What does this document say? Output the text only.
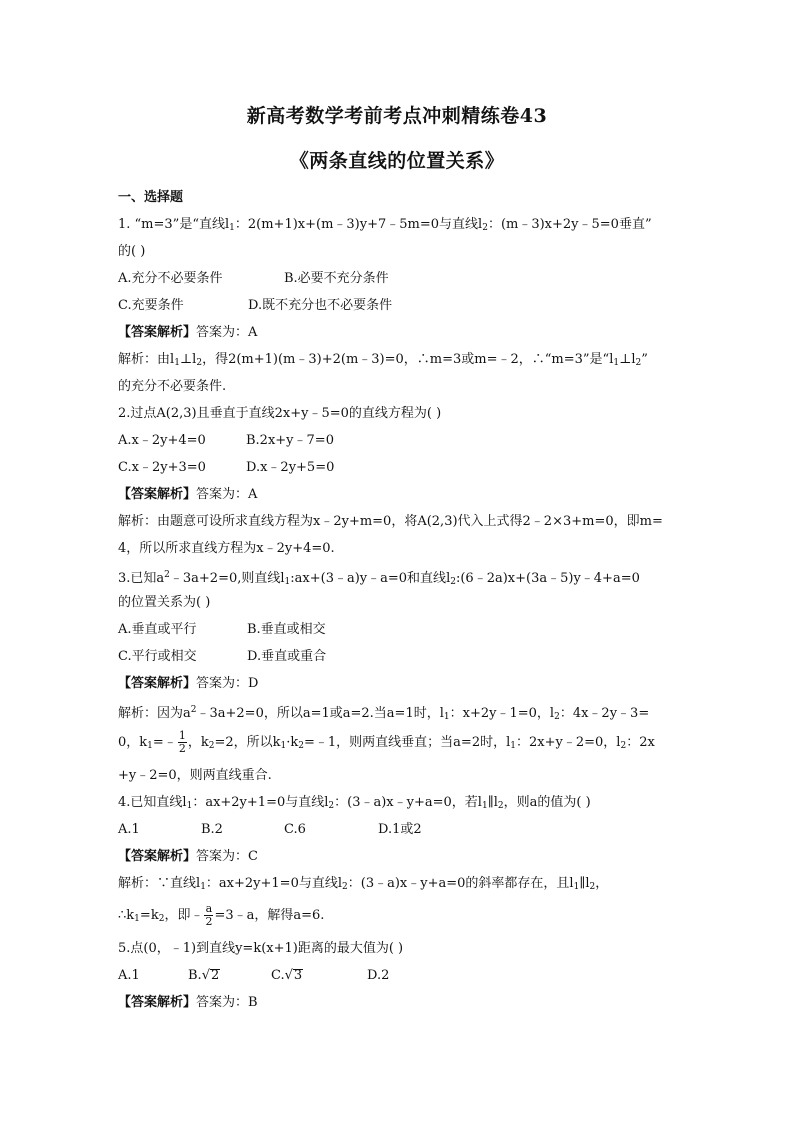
新高考数学考前考点冲刺精练卷43
《两条直线的位置关系》
一、选择题
1. “m=3”是“直线$l_1$：2(m+1)x+(m﹣3)y+7﹣5m=0与直线$l_2$：(m﹣3)x+2y﹣5=0垂直”
的( )
A.充分不必要条件	B.必要不充分条件
C.充要条件	D.既不充分也不必要条件
【答案解析】答案为：A
解析：由$l_1\perp l_2$，得2(m+1)(m﹣3)+2(m﹣3)=0，∴m=3或m=﹣2，∴“m=3”是“$l_1\perp l_2$”
的充分不必要条件.
2.过点A(2,3)且垂直于直线2x+y﹣5=0的直线方程为( )
A.x﹣2y+4=0	B.2x+y﹣7=0
C.x﹣2y+3=0	D.x﹣2y+5=0
【答案解析】答案为：A
解析：由题意可设所求直线方程为x﹣2y+m=0，将A(2,3)代入上式得2﹣2×3+m=0，即m=
4，所以所求直线方程为x﹣2y+4=0.
3.已知$a^2﹣3a+2=0$,则直线$l_1:ax+(3﹣a)y﹣a=0$和直线$l_2:(6﹣2a)x+(3a﹣5)y﹣4+a=0$
的位置关系为( )
A.垂直或平行	B.垂直或相交
C.平行或相交	D.垂直或重合
【答案解析】答案为：D
解析：因为$a^2﹣3a+2=0$，所以a=1或a=2.当a=1时，$l_1$：x+2y﹣1=0，$l_2$：4x﹣2y﹣3=
0，$k_1=﹣ \frac{1}{2}$ ，$k_2=2$，所以$k_1\cdot k_2=﹣1$，则两直线垂直；当a=2时，$l_1$：2x+y﹣2=0，$l_2$：2x
+y﹣2=0，则两直线重合.
4.已知直线$l_1$：ax+2y+1=0与直线$l_2$：(3﹣a)x﹣y+a=0，若$l_1\parallel l_2$，则a的值为( )
A.1	B.2	C.6	D.1或2
【答案解析】答案为：C
解析：∵直线$l_1$：ax+2y+1=0与直线$l_2$：(3﹣a)x﹣y+a=0的斜率都存在，且$l_1\parallel l_2$，
$\therefore k_1=k_2$，即﹣ $\frac{a}{2}$ =3﹣a，解得a=6.
5.点(0，﹣1)到直线y=k(x+1)距离的最大值为( )
A.1	B.√2	C.√3	D.2
【答案解析】答案为：B
